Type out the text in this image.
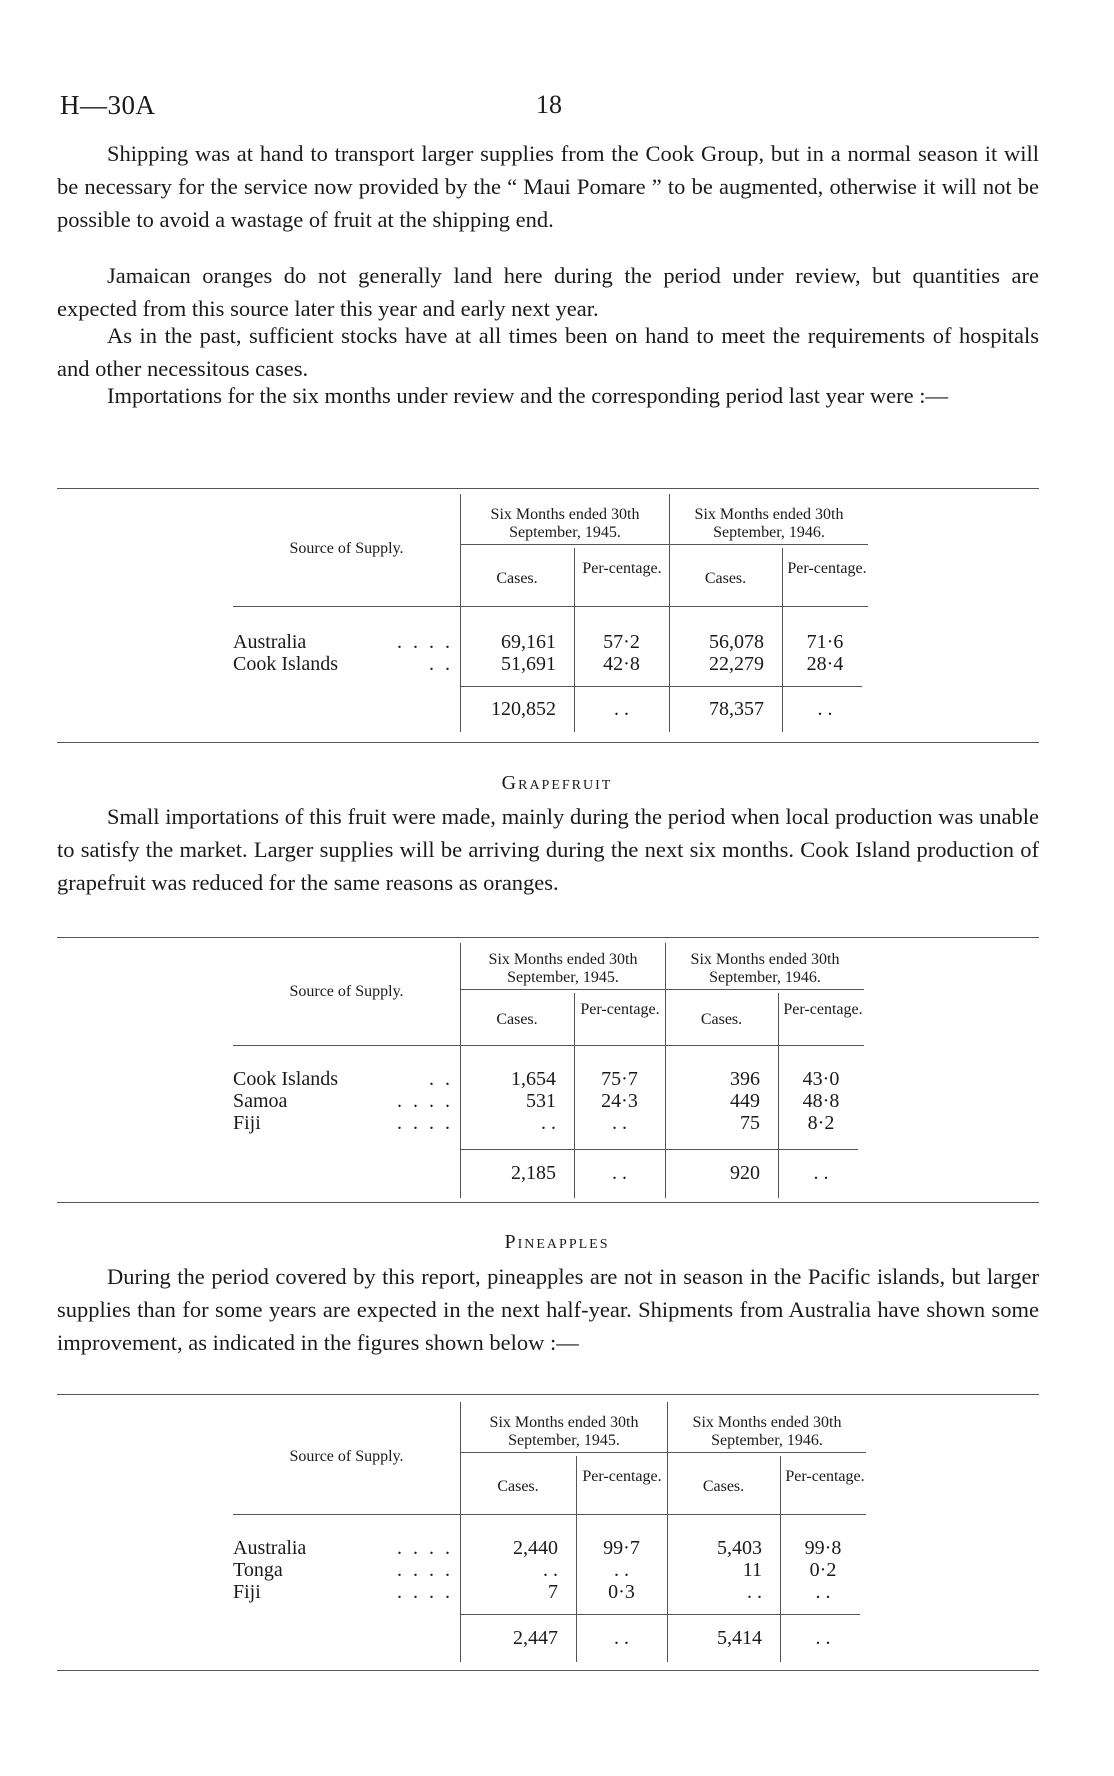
H—30A	18

Shipping was at hand to transport larger supplies from the Cook Group, but in a normal season it will be necessary for the service now provided by the “ Maui Pomare ” to be augmented, otherwise it will not be possible to avoid a wastage of fruit at the shipping end.

Jamaican oranges do not generally land here during the period under review, but quantities are expected from this source later this year and early next year.

As in the past, sufficient stocks have at all times been on hand to meet the requirements of hospitals and other necessitous cases.

Importations for the six months under review and the corresponding period last year were :—

Source of Supply.
Six Months ended 30th September, 1945.
Six Months ended 30th September, 1946.
Cases.
Per-centage.
Cases.
Per-centage.
Australia	. . . .	69,161	57·2	56,078	71·6
Cook Islands	. .	51,691	42·8	22,279	28·4
120,852	. .	78,357	. .
Grapefruit

Small importations of this fruit were made, mainly during the period when local production was unable to satisfy the market. Larger supplies will be arriving during the next six months. Cook Island production of grapefruit was reduced for the same reasons as oranges.

Source of Supply.
Six Months ended 30th September, 1945.
Six Months ended 30th September, 1946.
Cases.
Per-centage.
Cases.
Per-centage.
Cook Islands	. .	1,654	75·7	396	43·0
Samoa	. . . .	531	24·3	449	48·8
Fiji	. . . .	. .	. .	75	8·2
2,185	. .	920	. .
Pineapples

During the period covered by this report, pineapples are not in season in the Pacific islands, but larger supplies than for some years are expected in the next half-year. Shipments from Australia have shown some improvement, as indicated in the figures shown below :—

Source of Supply.
Six Months ended 30th September, 1945.
Six Months ended 30th September, 1946.
Cases.
Per-centage.
Cases.
Per-centage.
Australia	. . . .	2,440	99·7	5,403	99·8
Tonga	. . . .	. .	. .	11	0·2
Fiji	. . . .	7	0·3	. .	. .
2,447	. .	5,414	. .
